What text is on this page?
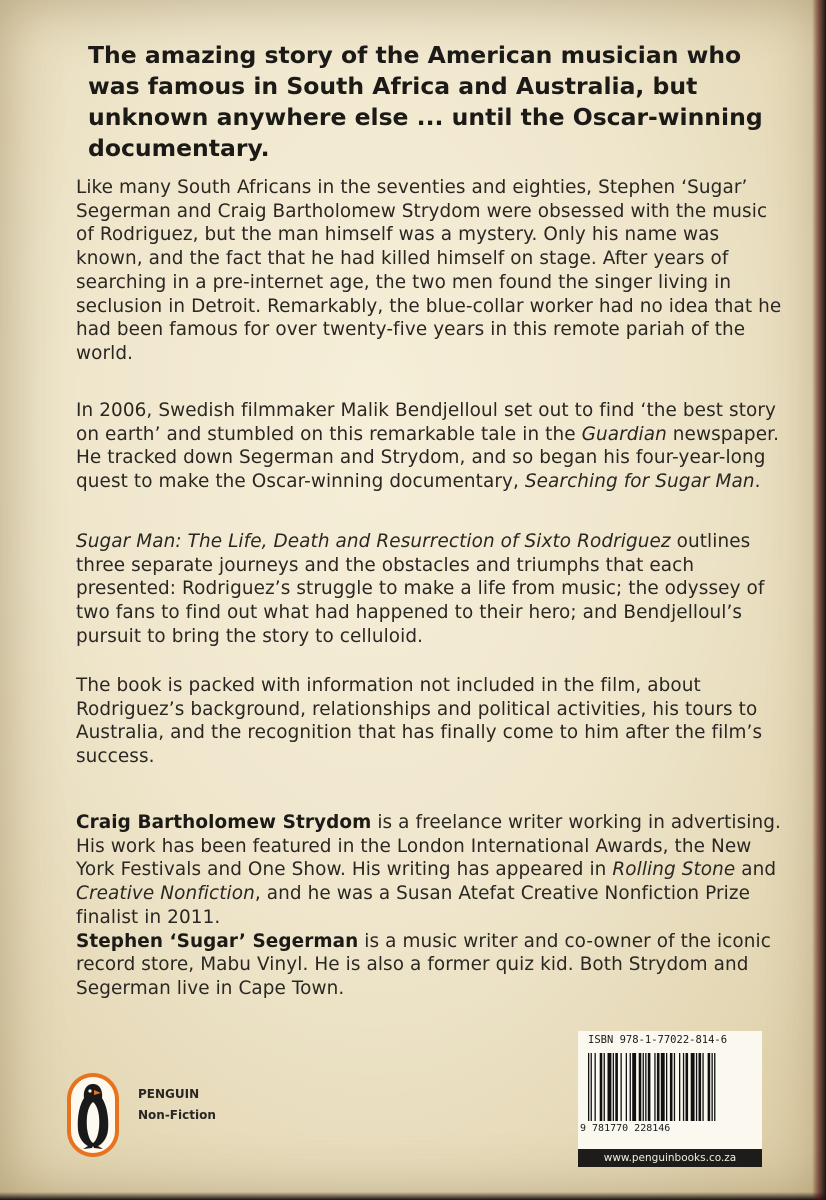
The amazing story of the American musician who was famous in South Africa and Australia, but unknown anywhere else ... until the Oscar-winning documentary.

Like many South Africans in the seventies and eighties, Stephen ‘Sugar’ Segerman and Craig Bartholomew Strydom were obsessed with the music of Rodriguez, but the man himself was a mystery. Only his name was known, and the fact that he had killed himself on stage. After years of searching in a pre-internet age, the two men found the singer living in seclusion in Detroit. Remarkably, the blue-collar worker had no idea that he had been famous for over twenty-five years in this remote pariah of the world.

In 2006, Swedish filmmaker Malik Bendjelloul set out to find ‘the best story on earth’ and stumbled on this remarkable tale in the Guardian newspaper. He tracked down Segerman and Strydom, and so began his four-year-long quest to make the Oscar-winning documentary, Searching for Sugar Man.

Sugar Man: The Life, Death and Resurrection of Sixto Rodriguez outlines three separate journeys and the obstacles and triumphs that each presented: Rodriguez’s struggle to make a life from music; the odyssey of two fans to find out what had happened to their hero; and Bendjelloul’s pursuit to bring the story to celluloid.

The book is packed with information not included in the film, about Rodriguez’s background, relationships and political activities, his tours to Australia, and the recognition that has finally come to him after the film’s success.

Craig Bartholomew Strydom is a freelance writer working in advertising. His work has been featured in the London International Awards, the New York Festivals and One Show. His writing has appeared in Rolling Stone and Creative Nonfiction, and he was a Susan Atefat Creative Nonfiction Prize finalist in 2011.
Stephen ‘Sugar’ Segerman is a music writer and co-owner of the iconic record store, Mabu Vinyl. He is also a former quiz kid. Both Strydom and Segerman live in Cape Town.

PENGUIN
Non-Fiction
ISBN 978-1-77022-814-6
9 781770 228146
www.penguinbooks.co.za
